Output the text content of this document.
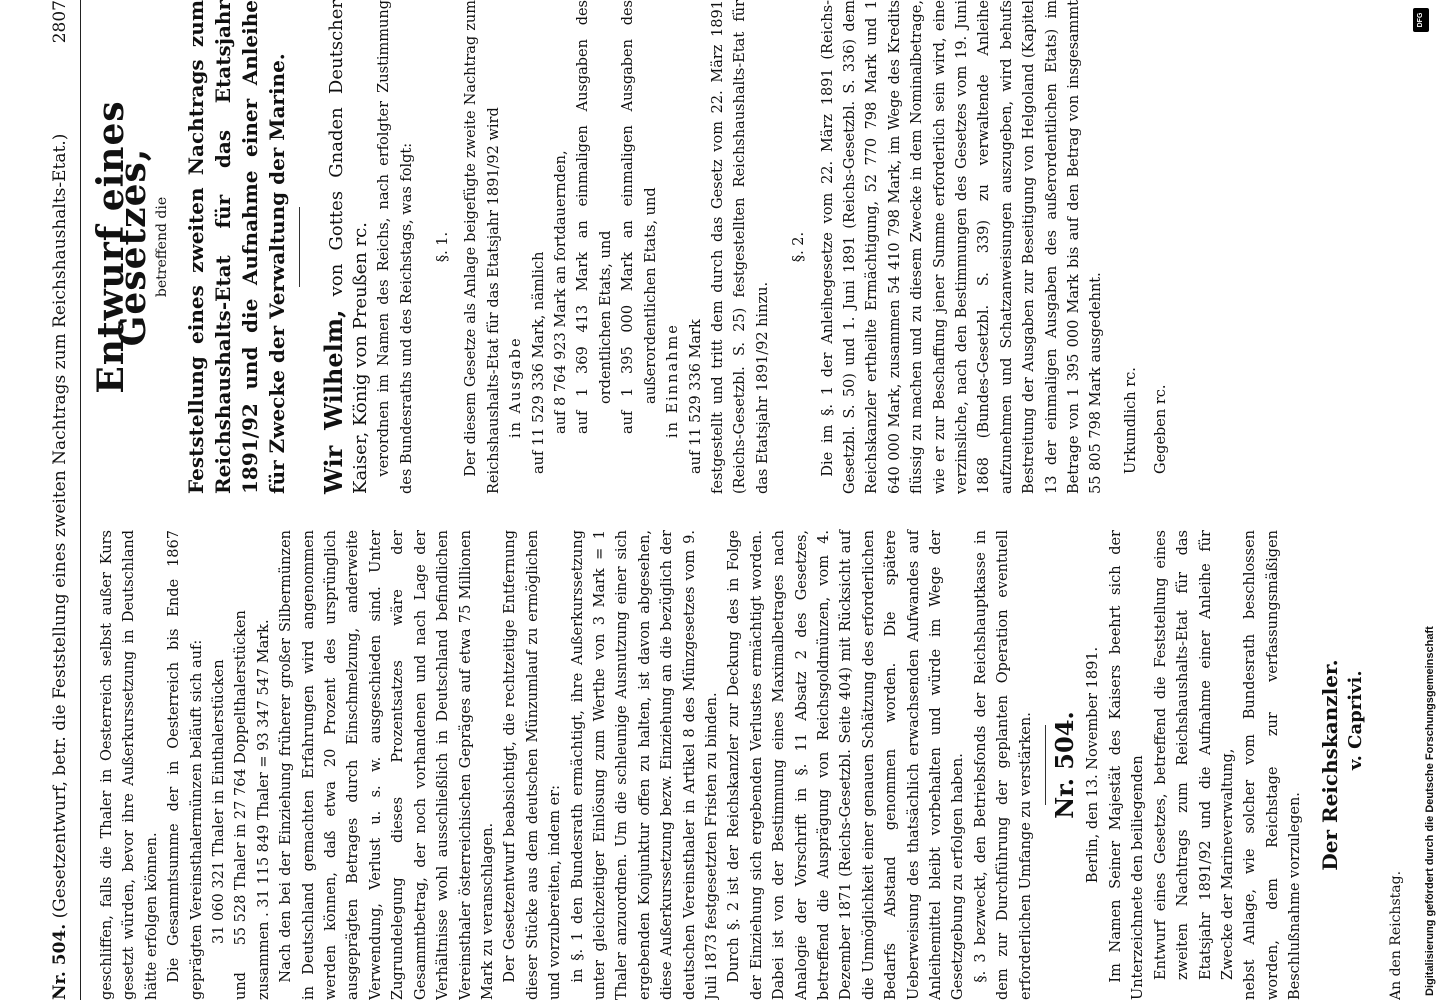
Nr. 504. (Gesetzentwurf, betr. die Feststellung eines zweiten Nachtrags zum Reichshaushalts-Etat.)
2807

geschliffen, falls die Thaler in Oesterreich selbst außer Kurs gesetzt würden, bevor ihre Außerkurssetzung in Deutschland hätte erfolgen können. Die Gesammtsumme der in Oesterreich bis Ende 1867 geprägten Vereinsthalermünzen beläuft sich auf: 31 060 321 Thaler in Einthalerstücken
und 55 528 Thaler in 27 764 Doppelthalerstücken zusammen . 31 115 849 Thaler = 93 347 547 Mark. Nach den bei der Einziehung früherer großer Silbermünzen in Deutschland gemachten Erfahrungen wird angenommen werden können, daß etwa 20 Prozent des ursprünglich ausgeprägten Betrages durch Einschmelzung, anderweite Verwendung, Verlust u. s. w. ausgeschieden sind. Unter Zugrundelegung dieses Prozentsatzes wäre der Gesammtbetrag, der noch vorhandenen und nach Lage der Verhältnisse wohl ausschließlich in Deutschland befindlichen Vereinsthaler österreichischen Gepräges auf etwa 75 Millionen Mark zu veranschlagen. Der Gesetzentwurf beabsichtigt, die rechtzeitige Entfernung dieser Stücke aus dem deutschen Münzumlauf zu ermöglichen und vorzubereiten, indem er: in §. 1 den Bundesrath ermächtigt, ihre Außerkurssetzung unter gleichzeitiger Einlösung zum Werthe von 3 Mark = 1 Thaler anzuordnen. Um die schleunige Ausnutzung einer sich ergebenden Konjunktur offen zu halten, ist davon abgesehen, diese Außerkurssetzung bezw. Einziehung an die bezüglich der deutschen Vereinsthaler in Artikel 8 des Münzgesetzes vom 9. Juli 1873 festgesetzten Fristen zu binden. Durch §. 2 ist der Reichskanzler zur Deckung des in Folge der Einziehung sich ergebenden Verlustes ermächtigt worden. Dabei ist von der Bestimmung eines Maximalbetrages nach Analogie der Vorschrift in §. 11 Absatz 2 des Gesetzes, betreffend die Ausprägung von Reichsgoldmünzen, vom 4. Dezember 1871 (Reichs-Gesetzbl. Seite 404) mit Rücksicht auf die Unmöglichkeit einer genauen Schätzung des erforderlichen Bedarfs Abstand genommen worden. Die spätere Ueberweisung des thatsächlich erwachsenden Aufwandes auf Anleihemittel bleibt vorbehalten und würde im Wege der Gesetzgebung zu erfolgen haben. §. 3 bezweckt, den Betriebsfonds der Reichshauptkasse in dem zur Durchführung der geplanten Operation eventuell erforderlichen Umfange zu verstärken. Nr. 504. Berlin, den 13. November 1891. Im Namen Seiner Majestät des Kaisers beehrt sich der Unterzeichnete den beiliegenden Entwurf eines Gesetzes, betreffend die Feststellung eines zweiten Nachtrags zum Reichshaushalts-Etat für das Etatsjahr 1891/92 und die Aufnahme einer Anleihe für Zwecke der Marineverwaltung, nebst Anlage, wie solcher vom Bundesrath beschlossen worden, dem Reichstage zur verfassungsmäßigen Beschlußnahme vorzulegen.

Der Reichskanzler. v. Caprivi.
An den Reichstag.
Entwurf eines Gesetzes, betreffend die Feststellung eines zweiten Nachtrags zum Reichshaushalts-Etat für das Etatsjahr 1891/92 und die Aufnahme einer Anleihe für Zwecke der Verwaltung der Marine. Wir Wilhelm, von Gottes Gnaden Deutscher Kaiser, König von Preußen rc. verordnen im Namen des Reichs, nach erfolgter Zustimmung des Bundesraths und des Reichstags, was folgt: §. 1. Der diesem Gesetze als Anlage beigefügte zweite Nachtrag zum Reichshaushalts-Etat für das Etatsjahr 1891/92 wird in Ausgabe auf 11 529 336 Mark, nämlich auf 8 764 923 Mark an fortdauernden, auf 1 369 413 Mark an einmaligen Ausgaben des ordentlichen Etats, und auf 1 395 000 Mark an einmaligen Ausgaben des außerordentlichen Etats, und in Einnahme auf 11 529 336 Mark festgestellt und tritt dem durch das Gesetz vom 22. März 1891 (Reichs-Gesetzbl. S. 25) festgestellten Reichshaushalts-Etat für das Etatsjahr 1891/92 hinzu.

§. 2. Die im §. 1 der Anleihegesetze vom 22. März 1891 (Reichs-Gesetzbl. S. 50) und 1. Juni 1891 (Reichs-Gesetzbl. S. 336) dem Reichskanzler ertheilte Ermächtigung, 52 770 798 Mark und 1 640 000 Mark, zusammen 54 410 798 Mark, im Wege des Kredits flüssig zu machen und zu diesem Zwecke in dem Nominalbetrage, wie er zur Beschaffung jener Summe erforderlich sein wird, eine verzinsliche, nach den Bestimmungen des Gesetzes vom 19. Juni 1868 (Bundes-Gesetzbl. S. 339) zu verwaltende Anleihe aufzunehmen und Schatzanweisungen auszugeben, wird behufs Bestreitung der Ausgaben zur Beseitigung von Helgoland (Kapitel 13 der einmaligen Ausgaben des außerordentlichen Etats) im Betrage von 1 395 000 Mark bis auf den Betrag von insgesammt 55 805 798 Mark ausgedehnt. Urkundlich rc. Gegeben rc.
DFG
Digitalisierung gefördert durch die Deutsche Forschungsgemeinschaft
